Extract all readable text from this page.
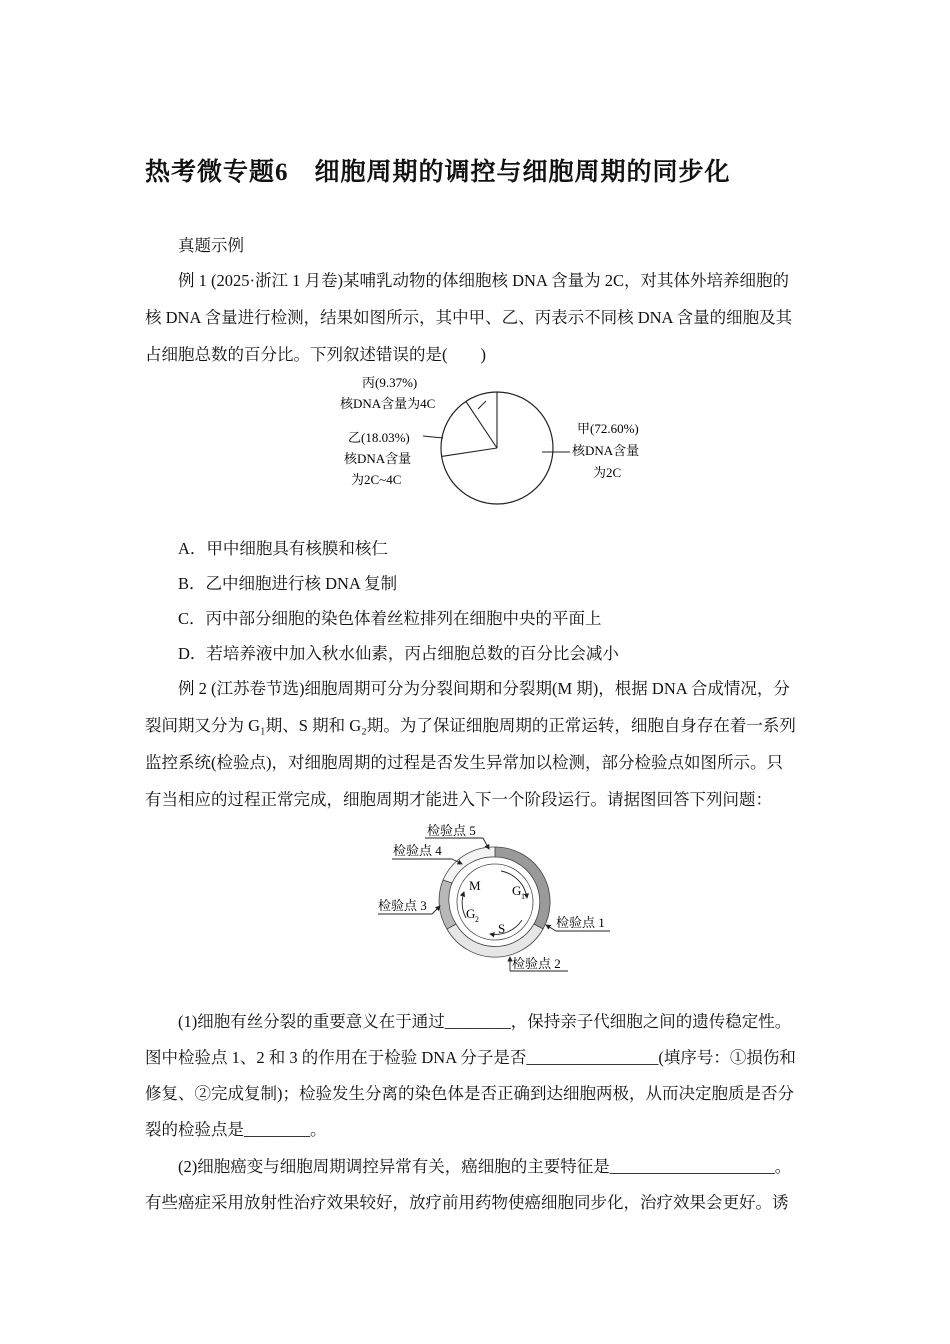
热考微专题6　细胞周期的调控与细胞周期的同步化
真题示例
例 1 (2025·浙江 1 月卷)某哺乳动物的体细胞核 DNA 含量为 2C，对其体外培养细胞的
核 DNA 含量进行检测，结果如图所示，其中甲、乙、丙表示不同核 DNA 含量的细胞及其
占细胞总数的百分比。下列叙述错误的是(　　)
丙(9.37%)
核DNA含量为4C
乙(18.03%)
核DNA含量
为2C~4C
甲(72.60%)
核DNA含量
为2C
A．甲中细胞具有核膜和核仁
B．乙中细胞进行核 DNA 复制
C．丙中部分细胞的染色体着丝粒排列在细胞中央的平面上
D．若培养液中加入秋水仙素，丙占细胞总数的百分比会减小
例 2 (江苏卷节选)细胞周期可分为分裂间期和分裂期(M 期)，根据 DNA 合成情况，分
裂间期又分为 G₁期、S 期和 G₂期。为了保证细胞周期的正常运转，细胞自身存在着一系列
监控系统(检验点)，对细胞周期的过程是否发生异常加以检测，部分检验点如图所示。只
有当相应的过程正常完成，细胞周期才能进入下一个阶段运行。请据图回答下列问题：
M G 1
G 2
S
检验点 5
检验点 4
检验点 3
检验点 1
检验点 2
(1)细胞有丝分裂的重要意义在于通过________，保持亲子代细胞之间的遗传稳定性。
图中检验点 1、2 和 3 的作用在于检验 DNA 分子是否________________(填序号：①损伤和
修复、②完成复制)；检验发生分离的染色体是否正确到达细胞两极，从而决定胞质是否分
裂的检验点是________。
(2)细胞癌变与细胞周期调控异常有关，癌细胞的主要特征是____________________。
有些癌症采用放射性治疗效果较好，放疗前用药物使癌细胞同步化，治疗效果会更好。诱
